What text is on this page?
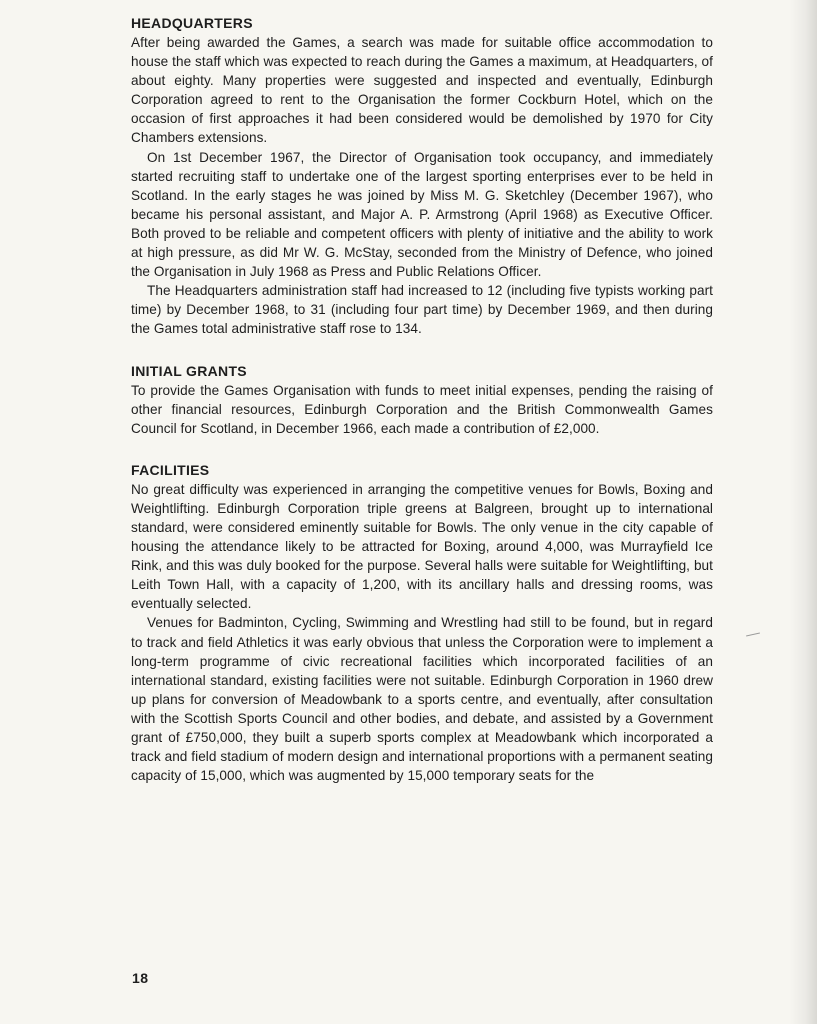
HEADQUARTERS

After being awarded the Games, a search was made for suitable office accommodation to house the staff which was expected to reach during the Games a maximum, at Headquarters, of about eighty. Many properties were suggested and inspected and eventually, Edinburgh Corporation agreed to rent to the Organisation the former Cockburn Hotel, which on the occasion of first approaches it had been considered would be demolished by 1970 for City Chambers extensions.

On 1st December 1967, the Director of Organisation took occupancy, and immediately started recruiting staff to undertake one of the largest sporting enterprises ever to be held in Scotland. In the early stages he was joined by Miss M. G. Sketchley (December 1967), who became his personal assistant, and Major A. P. Armstrong (April 1968) as Executive Officer. Both proved to be reliable and competent officers with plenty of initiative and the ability to work at high pressure, as did Mr W. G. McStay, seconded from the Ministry of Defence, who joined the Organisation in July 1968 as Press and Public Relations Officer.

The Headquarters administration staff had increased to 12 (including five typists working part time) by December 1968, to 31 (including four part time) by December 1969, and then during the Games total administrative staff rose to 134.

INITIAL GRANTS

To provide the Games Organisation with funds to meet initial expenses, pending the raising of other financial resources, Edinburgh Corporation and the British Commonwealth Games Council for Scotland, in December 1966, each made a contribution of £2,000.

FACILITIES

No great difficulty was experienced in arranging the competitive venues for Bowls, Boxing and Weightlifting. Edinburgh Corporation triple greens at Balgreen, brought up to international standard, were considered eminently suitable for Bowls. The only venue in the city capable of housing the attendance likely to be attracted for Boxing, around 4,000, was Murrayfield Ice Rink, and this was duly booked for the purpose. Several halls were suitable for Weightlifting, but Leith Town Hall, with a capacity of 1,200, with its ancillary halls and dressing rooms, was eventually selected.

Venues for Badminton, Cycling, Swimming and Wrestling had still to be found, but in regard to track and field Athletics it was early obvious that unless the Corporation were to implement a long-term programme of civic recreational facilities which incorporated facilities of an international standard, existing facilities were not suitable. Edinburgh Corporation in 1960 drew up plans for conversion of Meadowbank to a sports centre, and eventually, after consultation with the Scottish Sports Council and other bodies, and debate, and assisted by a Government grant of £750,000, they built a superb sports complex at Meadowbank which incorporated a track and field stadium of modern design and international proportions with a permanent seating capacity of 15,000, which was augmented by 15,000 temporary seats for the

18
